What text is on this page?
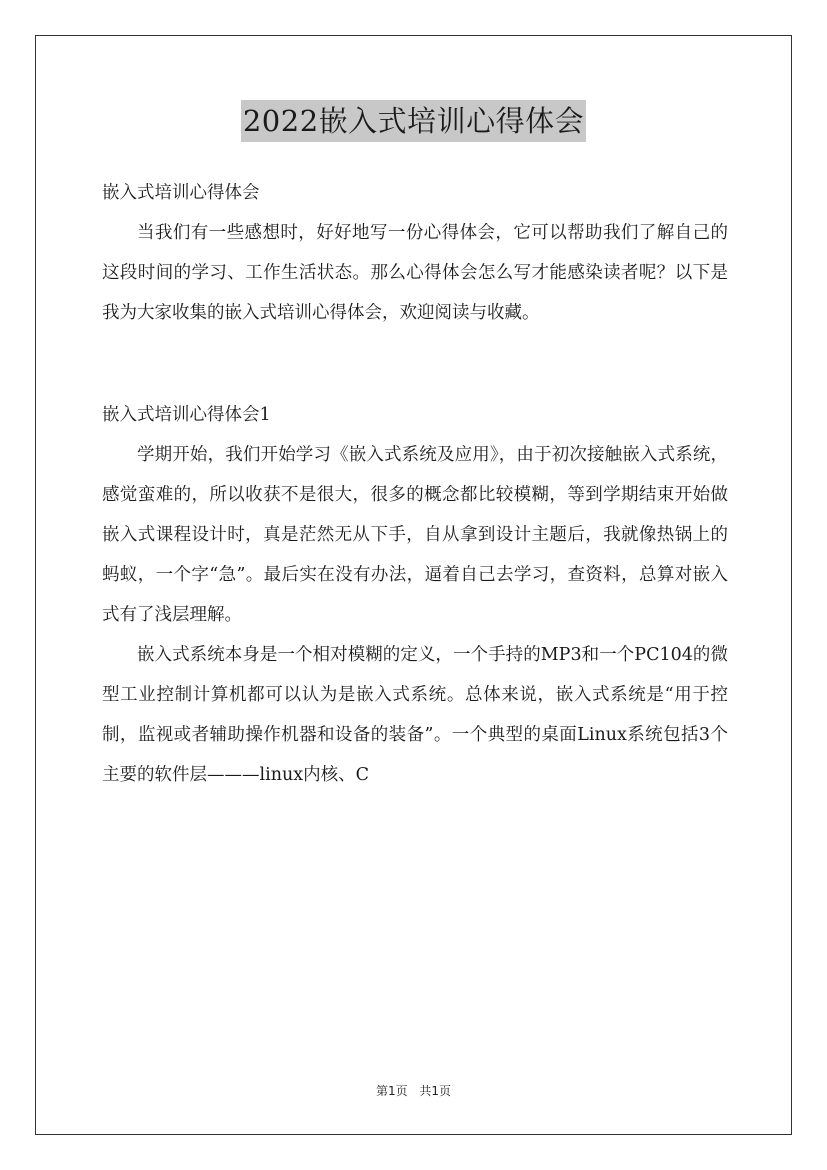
2022嵌入式培训心得体会

嵌入式培训心得体会

当我们有一些感想时，好好地写一份心得体会，它可以帮助我们了解自己的这段时间的学习、工作生活状态。那么心得体会怎么写才能感染读者呢？以下是我为大家收集的嵌入式培训心得体会，欢迎阅读与收藏。

嵌入式培训心得体会1

学期开始，我们开始学习《嵌入式系统及应用》，由于初次接触嵌入式系统，感觉蛮难的，所以收获不是很大，很多的概念都比较模糊，等到学期结束开始做嵌入式课程设计时，真是茫然无从下手，自从拿到设计主题后，我就像热锅上的蚂蚁，一个字“急”。最后实在没有办法，逼着自己去学习，查资料，总算对嵌入式有了浅层理解。

嵌入式系统本身是一个相对模糊的定义，一个手持的MP3和一个PC104的微型工业控制计算机都可以认为是嵌入式系统。总体来说，嵌入式系统是“用于控制，监视或者辅助操作机器和设备的装备”。一个典型的桌面Linux系统包括3个主要的软件层———linux内核、C

第1页 共1页
